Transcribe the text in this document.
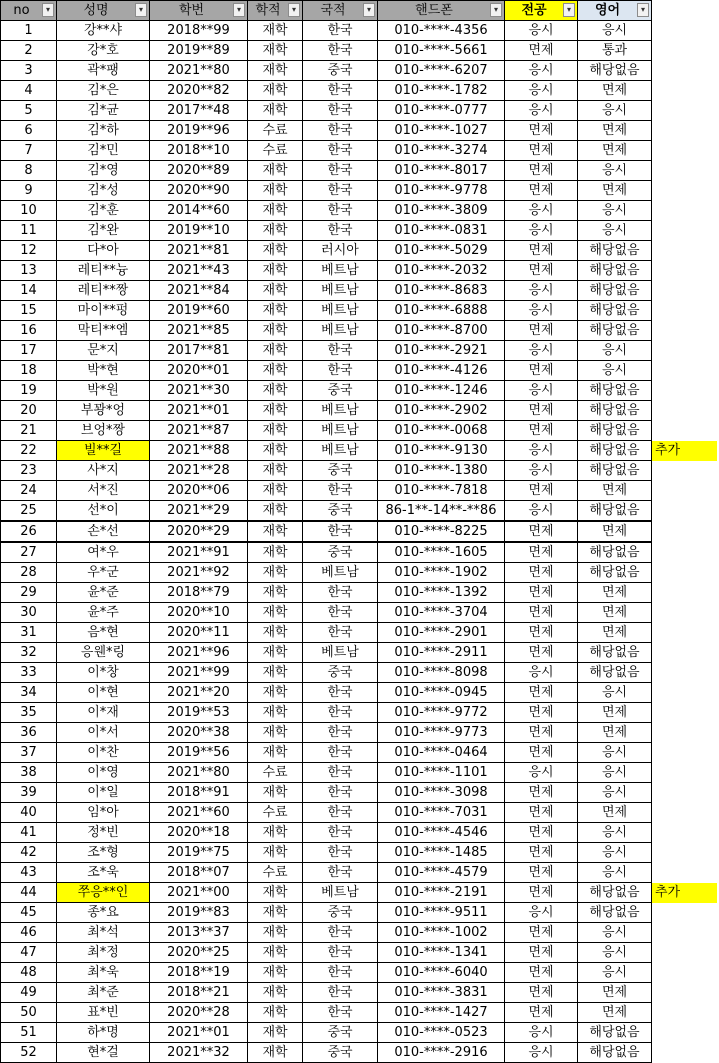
no ▾	성명 ▾	학번 ▾	학적 ▾	국적 ▾	핸드폰 ▾	전공 ▾	영어 ▾	

1	강**샤	2018**99	재학	한국	010-****-4356	응시	응시	
2	강*호	2019**89	재학	한국	010-****-5661	면제	통과	
3	곽*팽	2021**80	재학	중국	010-****-6207	응시	해당없음	
4	김*은	2020**82	재학	한국	010-****-1782	응시	면제	
5	김*균	2017**48	재학	한국	010-****-0777	응시	응시	
6	김*하	2019**96	수료	한국	010-****-1027	면제	면제	
7	김*민	2018**10	수료	한국	010-****-3274	면제	면제	
8	김*영	2020**89	재학	한국	010-****-8017	면제	응시	
9	김*성	2020**90	재학	한국	010-****-9778	면제	면제	
10	김*훈	2014**60	재학	한국	010-****-3809	응시	응시	
11	김*완	2019**10	재학	한국	010-****-0831	응시	응시	
12	다*아	2021**81	재학	러시아	010-****-5029	면제	해당없음	
13	레티**늉	2021**43	재학	베트남	010-****-2032	면제	해당없음	
14	레티**짱	2021**84	재학	베트남	010-****-8683	응시	해당없음	
15	마이**펑	2019**60	재학	베트남	010-****-6888	응시	해당없음	
16	막티**엠	2021**85	재학	베트남	010-****-8700	면제	해당없음	
17	문*지	2017**81	재학	한국	010-****-2921	응시	응시	
18	박*현	2020**01	재학	한국	010-****-4126	면제	응시	
19	박*원	2021**30	재학	중국	010-****-1246	응시	해당없음	
20	부꽝*엉	2021**01	재학	베트남	010-****-2902	면제	해당없음	
21	브엉*짱	2021**87	재학	베트남	010-****-0068	면제	해당없음	
22	빌**길	2021**88	재학	베트남	010-****-9130	응시	해당없음	추가
23	사*지	2021**28	재학	중국	010-****-1380	응시	해당없음	
24	서*진	2020**06	재학	한국	010-****-7818	면제	면제	
25	선*이	2021**29	재학	중국	86-1**-14**-**86	응시	해당없음	
26	손*선	2020**29	재학	한국	010-****-8225	면제	면제	
27	여*우	2021**91	재학	중국	010-****-1605	면제	해당없음	
28	우*군	2021**92	재학	베트남	010-****-1902	면제	해당없음	
29	윤*준	2018**79	재학	한국	010-****-1392	면제	면제	
30	윤*주	2020**10	재학	한국	010-****-3704	면제	면제	
31	음*현	2020**11	재학	한국	010-****-2901	면제	면제	
32	응웬*링	2021**96	재학	베트남	010-****-2911	면제	해당없음	
33	이*창	2021**99	재학	중국	010-****-8098	응시	해당없음	
34	이*현	2021**20	재학	한국	010-****-0945	면제	응시	
35	이*재	2019**53	재학	한국	010-****-9772	면제	면제	
36	이*서	2020**38	재학	한국	010-****-9773	면제	면제	
37	이*찬	2019**56	재학	한국	010-****-0464	면제	응시	
38	이*영	2021**80	수료	한국	010-****-1101	응시	응시	
39	이*일	2018**91	재학	한국	010-****-3098	면제	응시	
40	임*아	2021**60	수료	한국	010-****-7031	면제	면제	
41	정*빈	2020**18	재학	한국	010-****-4546	면제	응시	
42	조*형	2019**75	재학	한국	010-****-1485	면제	응시	
43	조*욱	2018**07	수료	한국	010-****-4579	면제	응시	
44	쭈응**인	2021**00	재학	베트남	010-****-2191	면제	해당없음	추가
45	종*요	2019**83	재학	중국	010-****-9511	응시	해당없음	
46	최*석	2013**37	재학	한국	010-****-1002	면제	응시	
47	최*정	2020**25	재학	한국	010-****-1341	면제	응시	
48	최*욱	2018**19	재학	한국	010-****-6040	면제	응시	
49	최*준	2018**21	재학	한국	010-****-3831	면제	면제	
50	표*빈	2020**28	재학	한국	010-****-1427	면제	면제	
51	하*명	2021**01	재학	중국	010-****-0523	응시	해당없음	
52	현*걸	2021**32	재학	중국	010-****-2916	응시	해당없음	
